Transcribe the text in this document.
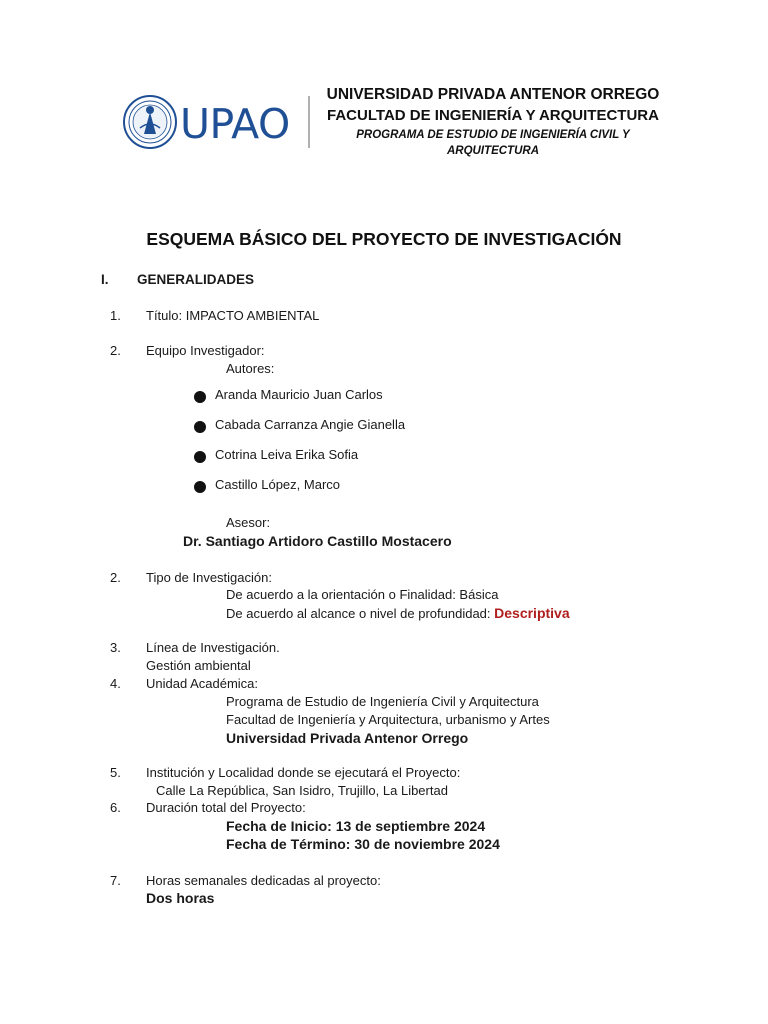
UPAO
UNIVERSIDAD PRIVADA ANTENOR ORREGO
FACULTAD DE INGENIERÍA Y ARQUITECTURA
PROGRAMA DE ESTUDIO DE INGENIERÍA CIVIL Y
ARQUITECTURA
ESQUEMA BÁSICO DEL PROYECTO DE INVESTIGACIÓN
I. GENERALIDADES
1.	Título: IMPACTO AMBIENTAL
2.	Equipo Investigador:
Autores:
Aranda Mauricio Juan Carlos
Cabada Carranza Angie Gianella
Cotrina Leiva Erika Sofia
Castillo López, Marco
Asesor:
Dr. Santiago Artidoro Castillo Mostacero
2.	Tipo de Investigación:
De acuerdo a la orientación o Finalidad: Básica
De acuerdo al alcance o nivel de profundidad: Descriptiva
3.	Línea de Investigación.
Gestión ambiental
4.	Unidad Académica:
Programa de Estudio de Ingeniería Civil y Arquitectura
Facultad de Ingeniería y Arquitectura, urbanismo y Artes
Universidad Privada Antenor Orrego
5.	Institución y Localidad donde se ejecutará el Proyecto:
Calle La República, San Isidro, Trujillo, La Libertad
6.	Duración total del Proyecto:
Fecha de Inicio: 13 de septiembre 2024
Fecha de Término: 30 de noviembre 2024
7.	Horas semanales dedicadas al proyecto:
Dos horas
